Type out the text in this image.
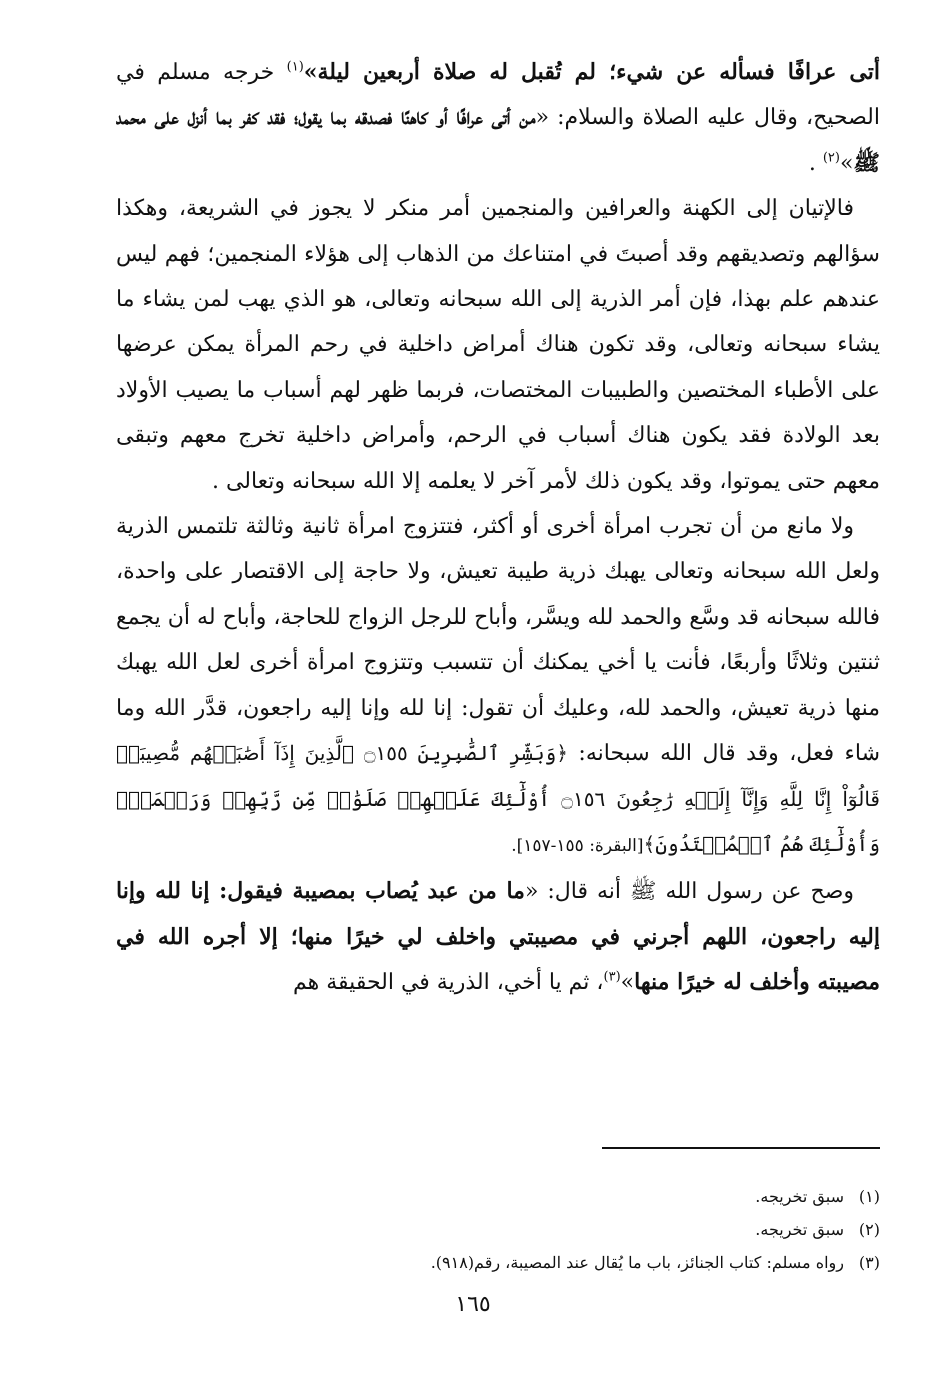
أتى عرافًا فسأله عن شيء؛ لم تُقبل له صلاة أربعين ليلة»$^{(١)}$ خرجه مسلم في الصحيح، وقال عليه الصلاة والسلام: «من أتى عرافًا أو كاهنًا فصدقه بما يقول؛ فقد كفر بما أنزل على محمد ﷺ»$^{(٢)}$ .

فالإتيان إلى الكهنة والعرافين والمنجمين أمر منكر لا يجوز في الشريعة، وهكذا سؤالهم وتصديقهم وقد أصبتَ في امتناعك من الذهاب إلى هؤلاء المنجمين؛ فهم ليس عندهم علم بهذا، فإن أمر الذرية إلى الله سبحانه وتعالى، هو الذي يهب لمن يشاء ما يشاء سبحانه وتعالى، وقد تكون هناك أمراض داخلية في رحم المرأة يمكن عرضها على الأطباء المختصين والطبيبات المختصات، فربما ظهر لهم أسباب ما يصيب الأولاد بعد الولادة فقد يكون هناك أسباب في الرحم، وأمراض داخلية تخرج معهم وتبقى معهم حتى يموتوا، وقد يكون ذلك لأمر آخر لا يعلمه إلا الله سبحانه وتعالى .

ولا مانع من أن تجرب امرأة أخرى أو أكثر، فتتزوج امرأة ثانية وثالثة تلتمس الذرية ولعل الله سبحانه وتعالى يهبك ذرية طيبة تعيش، ولا حاجة إلى الاقتصار على واحدة، فالله سبحانه قد وسَّع والحمد لله ويسَّر، وأباح للرجل الزواج للحاجة، وأباح له أن يجمع ثنتين وثلاثًا وأربعًا، فأنت يا أخي يمكنك أن تتسبب وتتزوج امرأة أخرى لعل الله يهبك منها ذرية تعيش، والحمد لله، وعليك أن تقول: إنا لله وإنا إليه راجعون، قدَّر الله وما شاء فعل، وقد قال الله سبحانه: ﴿وَبَشِّرِ ٱلصَّٰبِرِينَ ۝١٥٥ ٱلَّذِينَ إِذَآ أَصَٰبَتۡهُم مُّصِيبَةٞ قَالُوٓاْ إِنَّا لِلَّهِ وَإِنَّآ إِلَيۡهِ رَٰجِعُونَ ۝١٥٦ أُوْلَٰٓئِكَ عَلَيۡهِمۡ صَلَوَٰتٞ مِّن رَّبِّهِمۡ وَرَحۡمَةٞۖ وَأُوْلَٰٓئِكَ هُمُ ٱلۡمُهۡتَدُونَ﴾[البقرة: ١٥٥-١٥٧].

وصح عن رسول الله ﷺ أنه قال: «ما من عبد يُصاب بمصيبة فيقول: إنا لله وإنا إليه راجعون، اللهم أجرني في مصيبتي واخلف لي خيرًا منها؛ إلا أجره الله في مصيبته وأخلف له خيرًا منها»$^{(٣)}$، ثم يا أخي، الذرية في الحقيقة هم

(١)سبق تخريجه.
(٢)سبق تخريجه.
(٣)رواه مسلم: كتاب الجنائز، باب ما يُقال عند المصيبة، رقم(٩١٨).
١٦٥
